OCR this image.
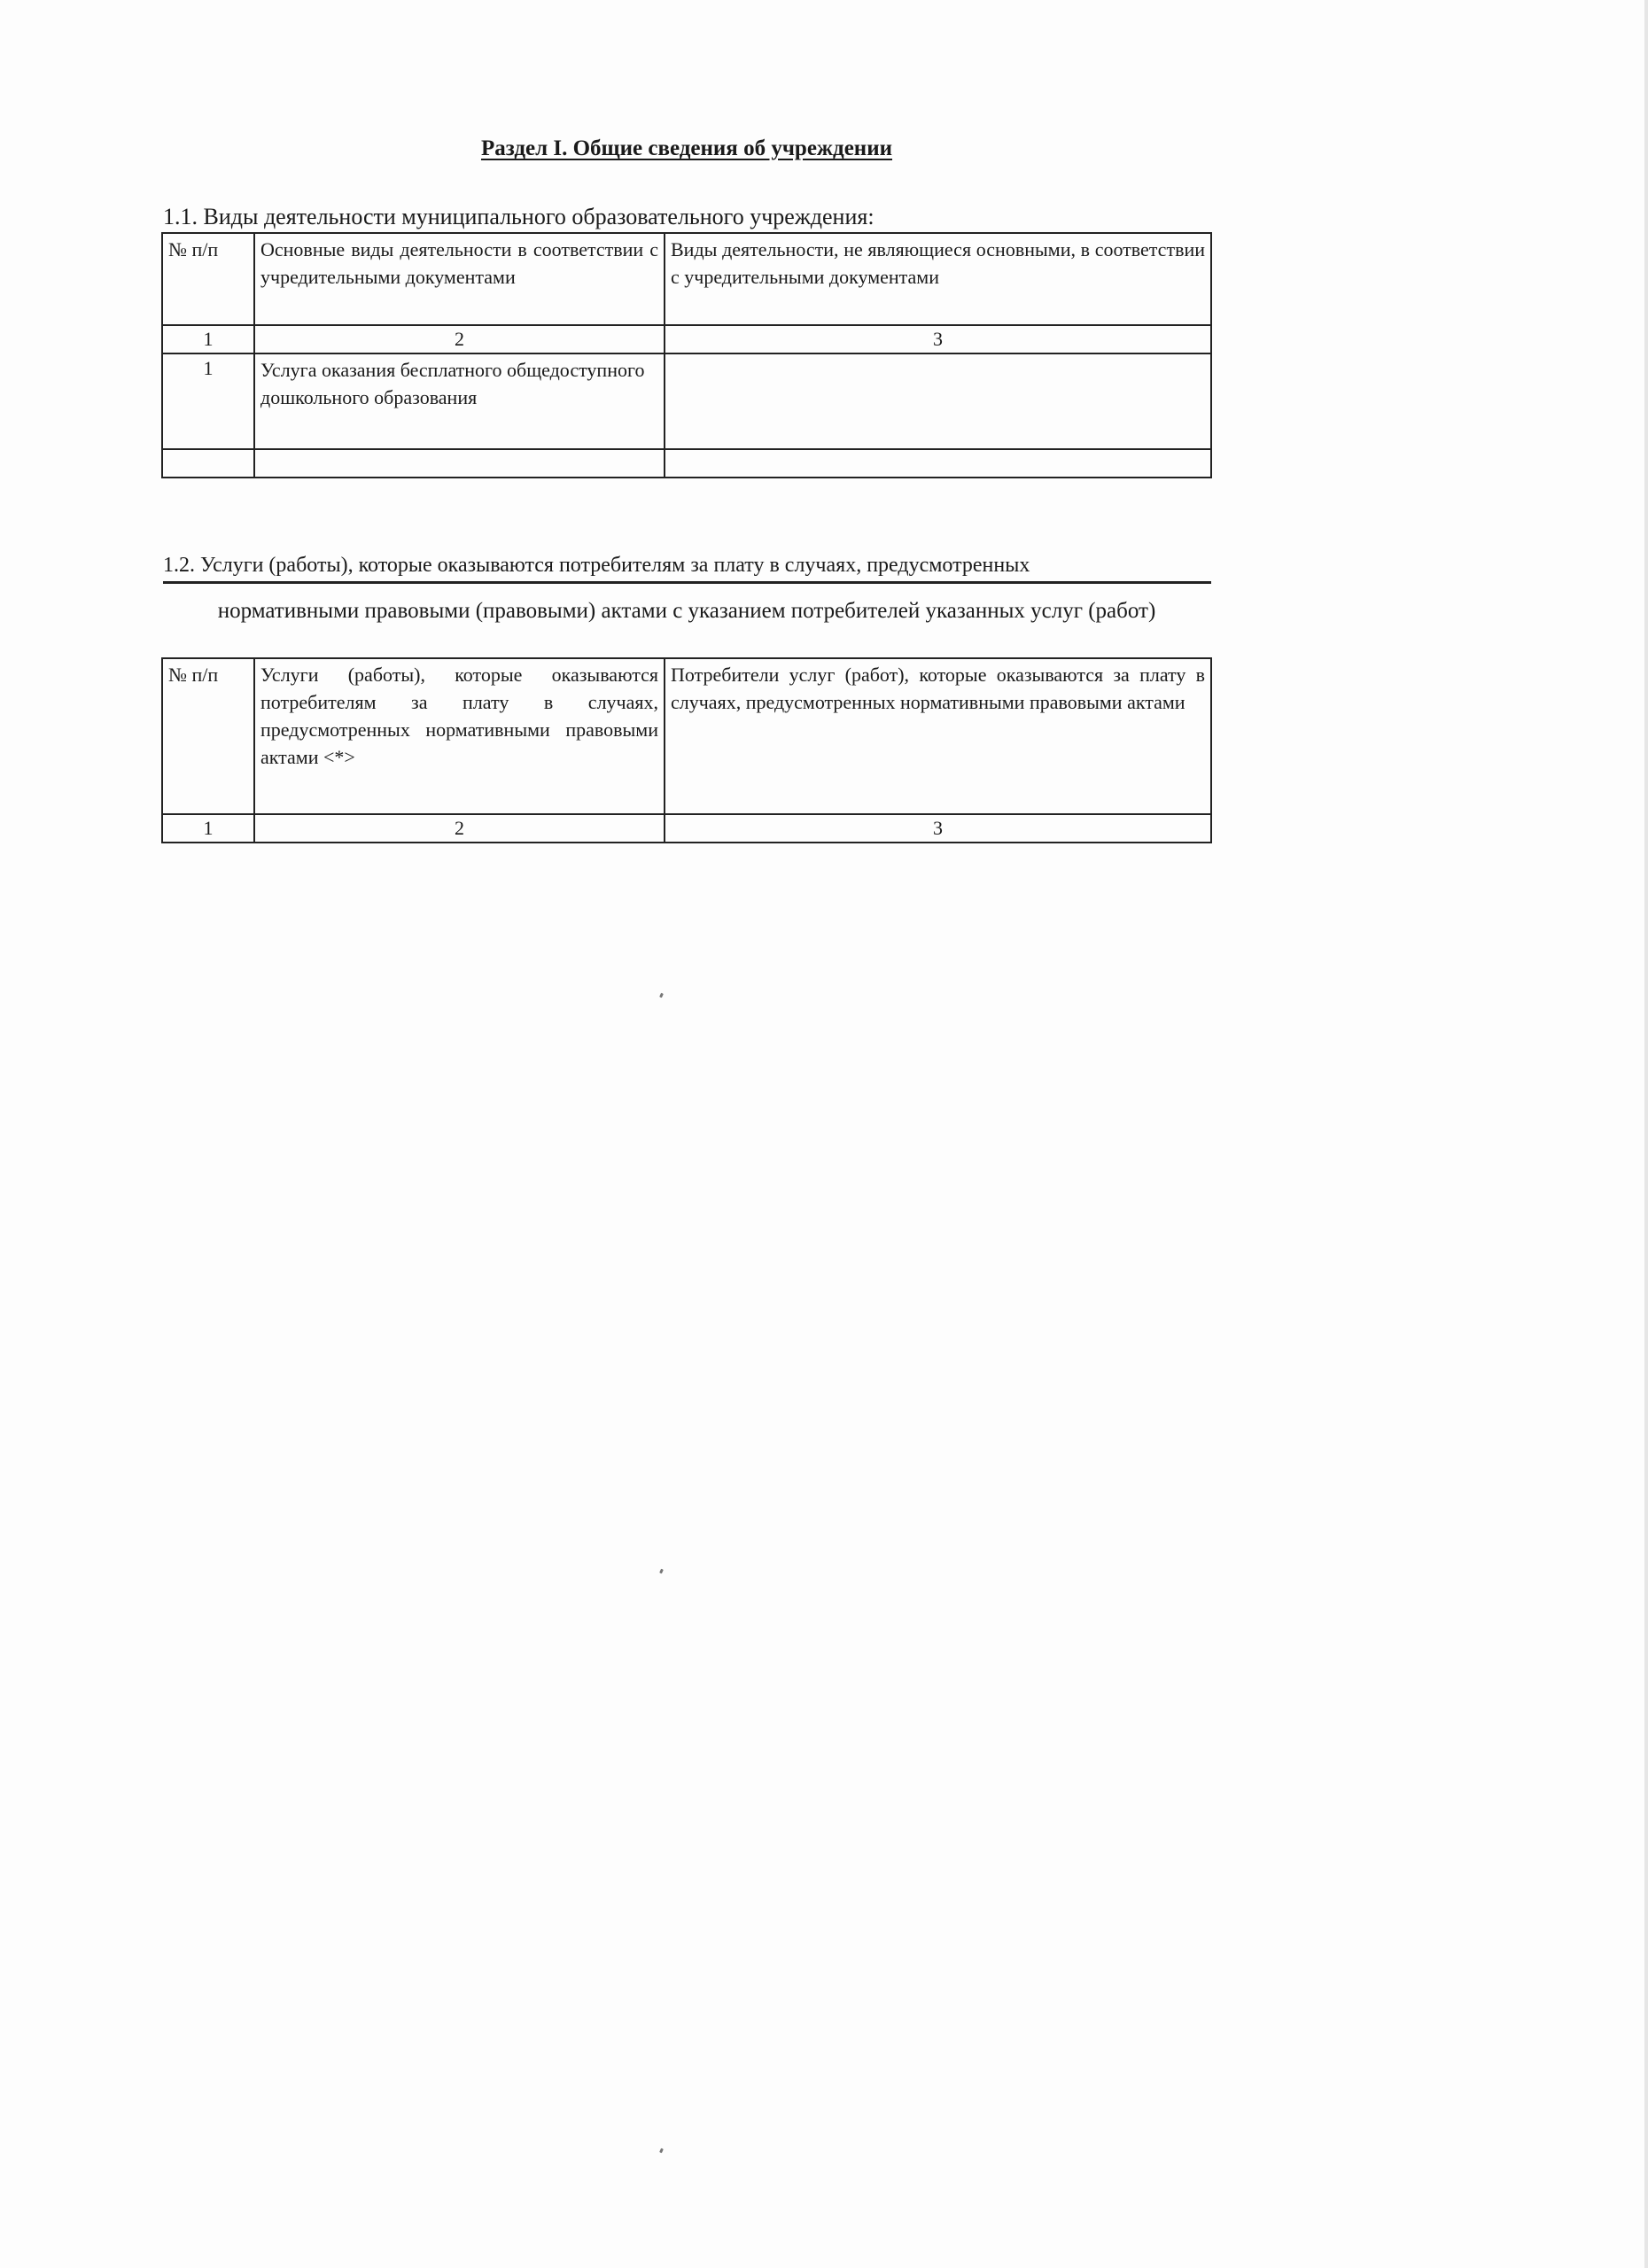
Раздел I. Общие сведения об учреждении
1.1. Виды деятельности муниципального образовательного учреждения:
№ п/п	Основные виды деятельности в соответствии с учредительными документами	Виды деятельности, не являющиеся основными, в соответствии с учредительными документами
1	2	3
1	Услуга оказания бесплатного общедоступного дошкольного образования	

1.2. Услуги (работы), которые оказываются потребителям за плату в случаях, предусмотренных
нормативными правовыми (правовыми) актами с указанием потребителей указанных услуг (работ)
№ п/п	Услуги (работы), которые оказываются потребителям за плату в случаях, предусмотренных нормативными правовыми актами <*>	Потребители услуг (работ), которые оказываются за плату в случаях, предусмотренных нормативными правовыми актами
1	2	3
